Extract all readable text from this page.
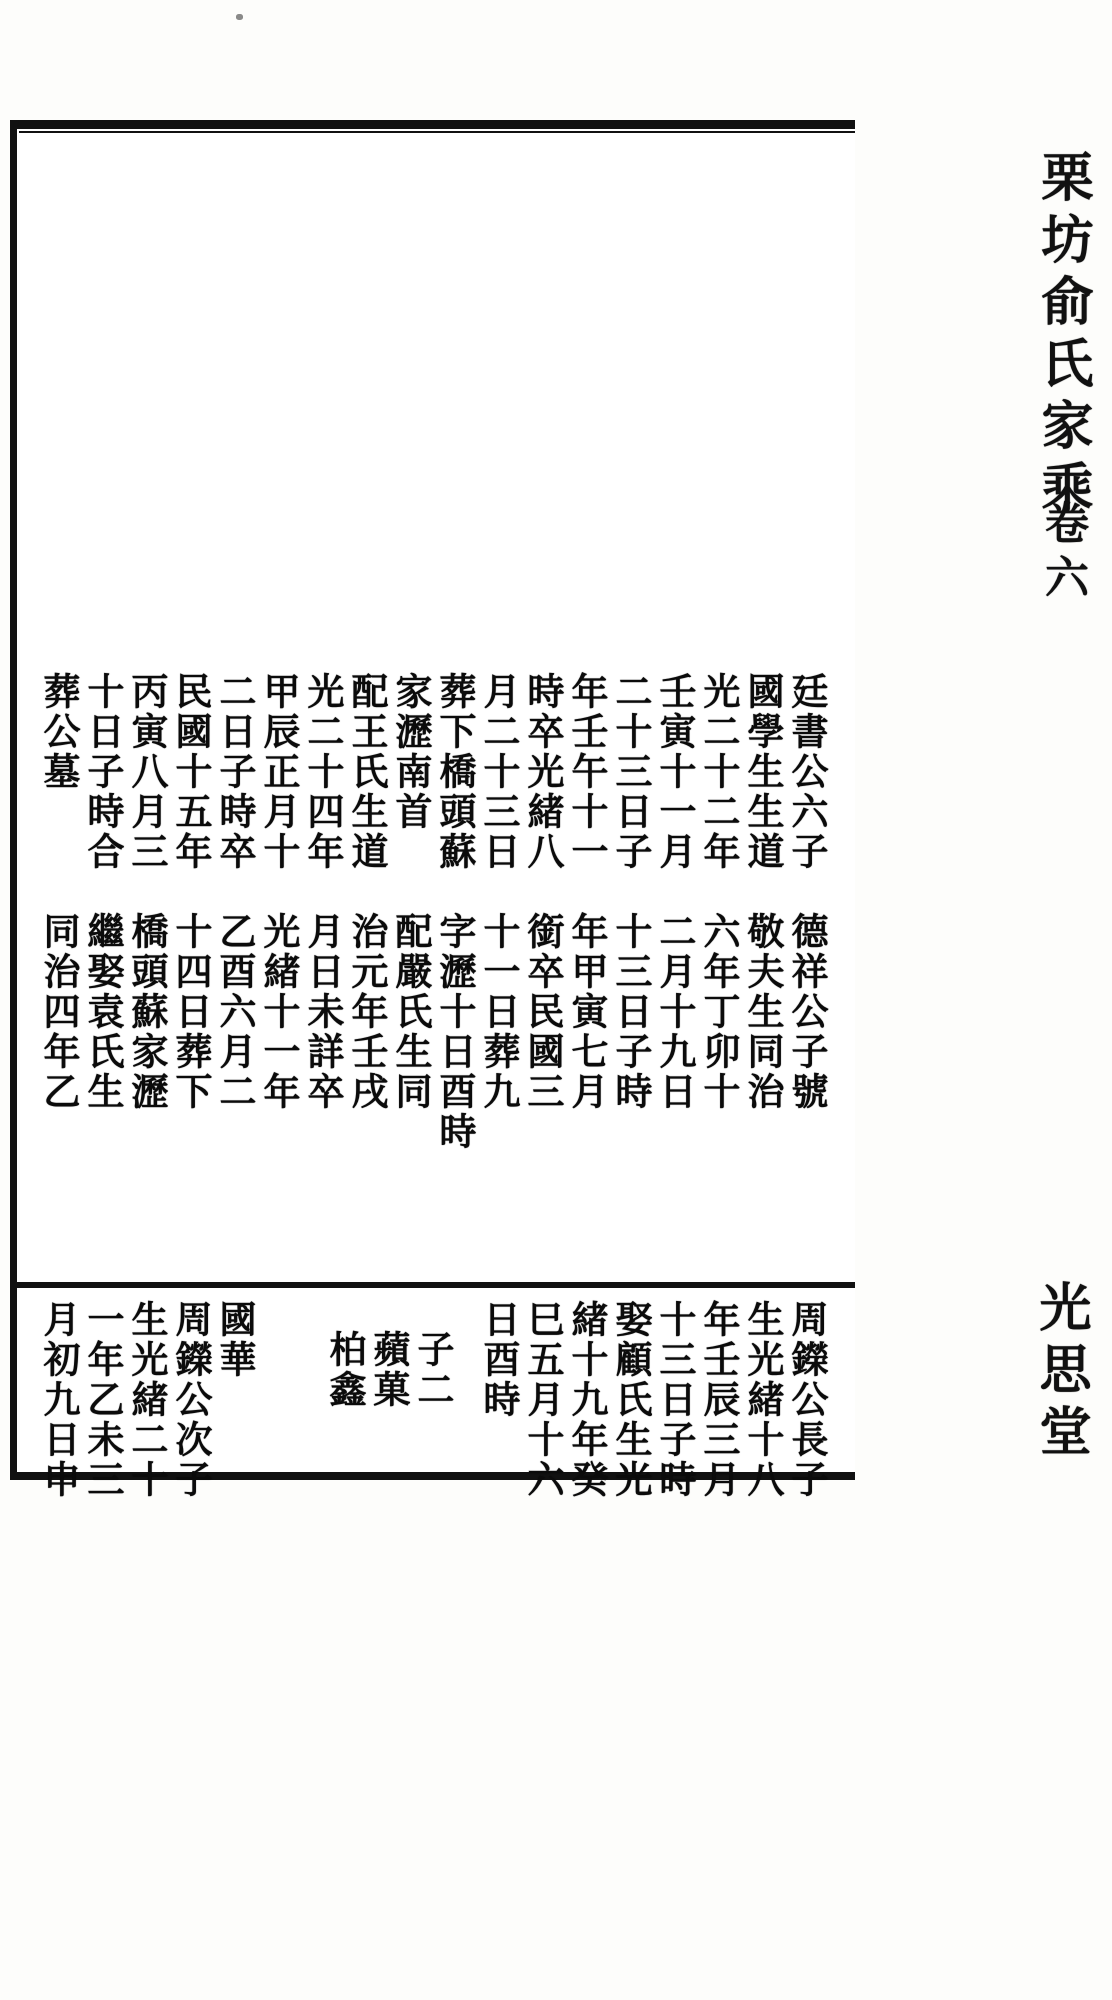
栗坊俞氏家乘
卷六
光思堂
廷書公六子　德祥公子號
國學生生道　敬夫生同治
光二十二年　六年丁卯十
壬寅十一月　二月十九日
二十三日子　十三日子時
年壬午十一　年甲寅七月
時卒光緒八　銜卒民國三
月二十三日　十一日葬九
葬下橋頭蘇　字瀝十日酉時
家瀝南首　　配嚴氏生同
配王氏生道　治元年壬戌
光二十四年　月日未詳卒
甲辰正月十　光緒十一年
二日子時卒　乙酉六月二
民國十五年　十四日葬下
丙寅八月三　橋頭蘇家瀝
十日子時合　繼娶袁氏生
葬公墓　　　同治四年乙
周鑅公長子
生光緒十八
年壬辰三月
十三日子時
娶顧氏生光
緒十九年癸
巳五月十六
日酉時
子二
蘋菓
柏鑫
國華
周鑅公次子
生光緒二十
一年乙未三
月初九日申
